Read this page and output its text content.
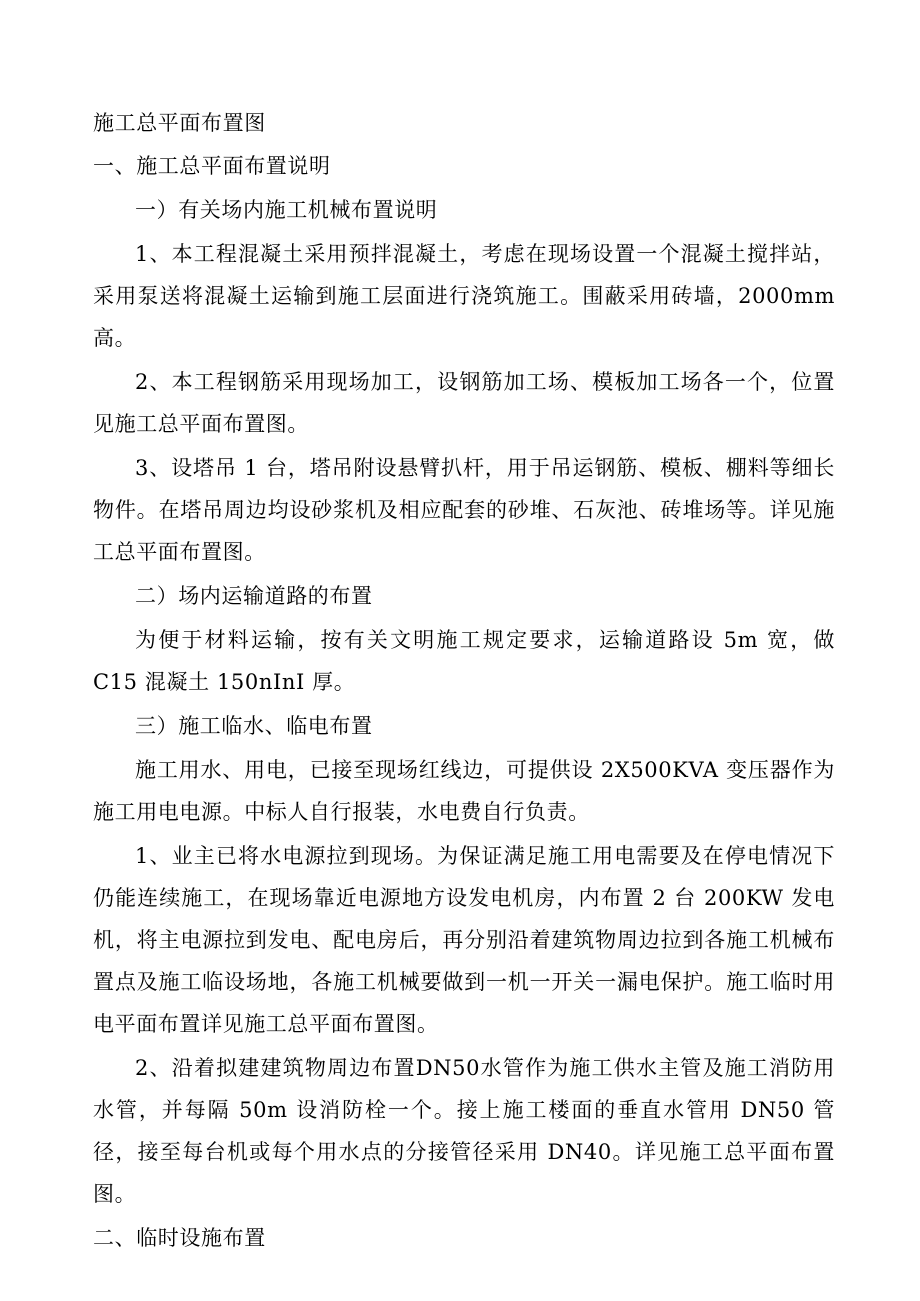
施工总平面布置图

一、施工总平面布置说明

一）有关场内施工机械布置说明

1、本工程混凝土采用预拌混凝土，考虑在现场设置一个混凝土搅拌站，采用泵送将混凝土运输到施工层面进行浇筑施工。围蔽采用砖墙，2000mm 高。

2、本工程钢筋采用现场加工，设钢筋加工场、模板加工场各一个，位置见施工总平面布置图。

3、设塔吊 1 台，塔吊附设悬臂扒杆，用于吊运钢筋、模板、棚料等细长物件。在塔吊周边均设砂浆机及相应配套的砂堆、石灰池、砖堆场等。详见施工总平面布置图。

二）场内运输道路的布置

为便于材料运输，按有关文明施工规定要求，运输道路设 5m 宽，做 C15 混凝土 150nInI 厚。

三）施工临水、临电布置

施工用水、用电，已接至现场红线边，可提供设 2X500KVA 变压器作为施工用电电源。中标人自行报装，水电费自行负责。

1、业主已将水电源拉到现场。为保证满足施工用电需要及在停电情况下仍能连续施工，在现场靠近电源地方设发电机房，内布置 2 台 200KW 发电机，将主电源拉到发电、配电房后，再分别沿着建筑物周边拉到各施工机械布置点及施工临设场地，各施工机械要做到一机一开关一漏电保护。施工临时用电平面布置详见施工总平面布置图。

2、沿着拟建建筑物周边布置DN50水管作为施工供水主管及施工消防用水管，并每隔 50m 设消防栓一个。接上施工楼面的垂直水管用 DN50 管径，接至每台机或每个用水点的分接管径采用 DN40。详见施工总平面布置图。

二、临时设施布置
